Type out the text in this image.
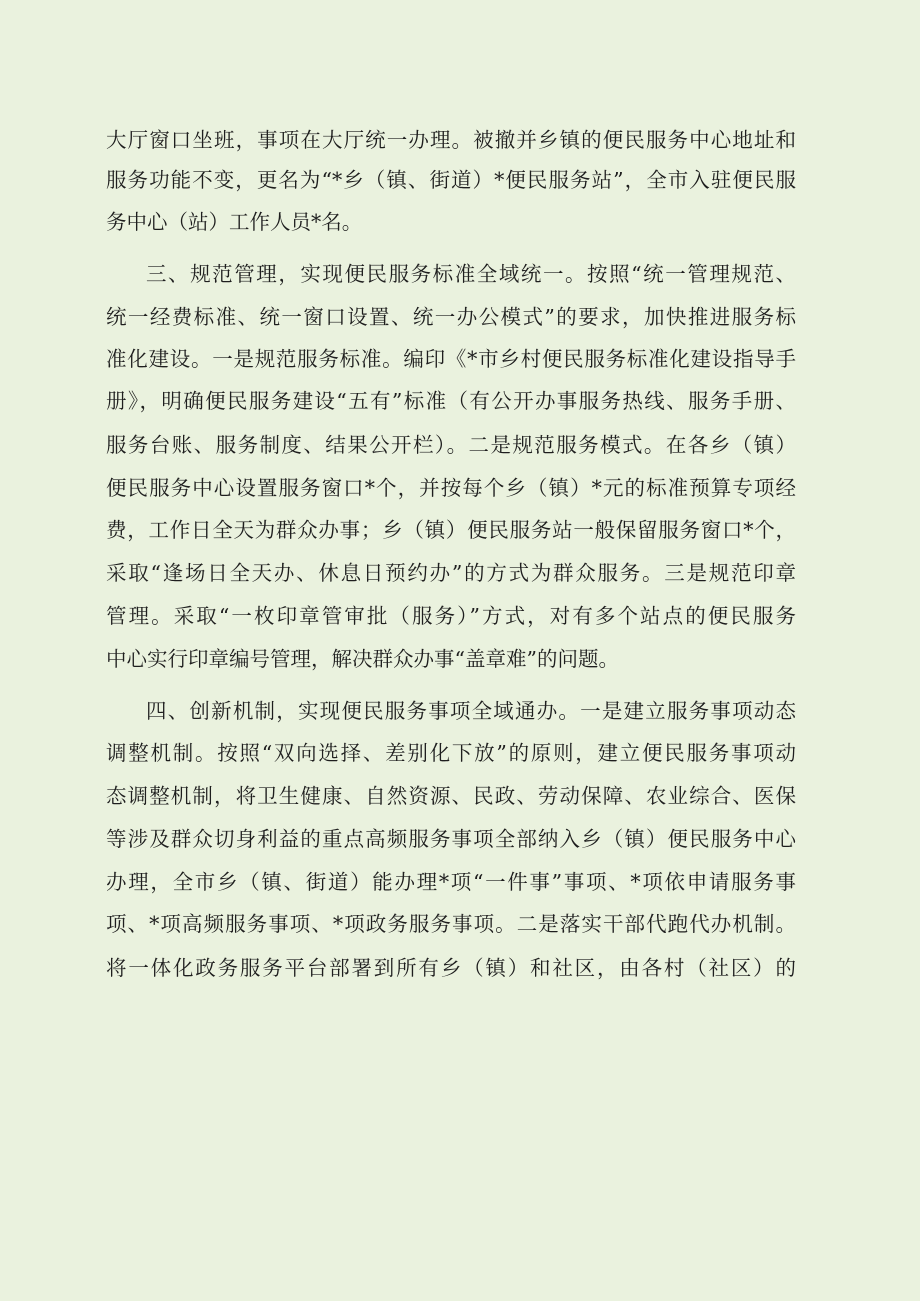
大厅窗口坐班，事项在大厅统一办理。被撤并乡镇的便民服务中心地址和
服务功能不变，更名为“*乡（镇、街道）*便民服务站”，全市入驻便民服
务中心（站）工作人员*名。
三、规范管理，实现便民服务标准全域统一。按照“统一管理规范、
统一经费标准、统一窗口设置、统一办公模式”的要求，加快推进服务标
准化建设。一是规范服务标准。编印《*市乡村便民服务标准化建设指导手
册》，明确便民服务建设“五有”标准（有公开办事服务热线、服务手册、
服务台账、服务制度、结果公开栏）。二是规范服务模式。在各乡（镇）
便民服务中心设置服务窗口*个，并按每个乡（镇）*元的标准预算专项经
费，工作日全天为群众办事；乡（镇）便民服务站一般保留服务窗口*个，
采取“逢场日全天办、休息日预约办”的方式为群众服务。三是规范印章
管理。采取“一枚印章管审批（服务）”方式，对有多个站点的便民服务
中心实行印章编号管理，解决群众办事“盖章难”的问题。
四、创新机制，实现便民服务事项全域通办。一是建立服务事项动态
调整机制。按照“双向选择、差别化下放”的原则，建立便民服务事项动
态调整机制，将卫生健康、自然资源、民政、劳动保障、农业综合、医保
等涉及群众切身利益的重点高频服务事项全部纳入乡（镇）便民服务中心
办理，全市乡（镇、街道）能办理*项“一件事”事项、*项依申请服务事
项、*项高频服务事项、*项政务服务事项。二是落实干部代跑代办机制。
将一体化政务服务平台部署到所有乡（镇）和社区，由各村（社区）的
